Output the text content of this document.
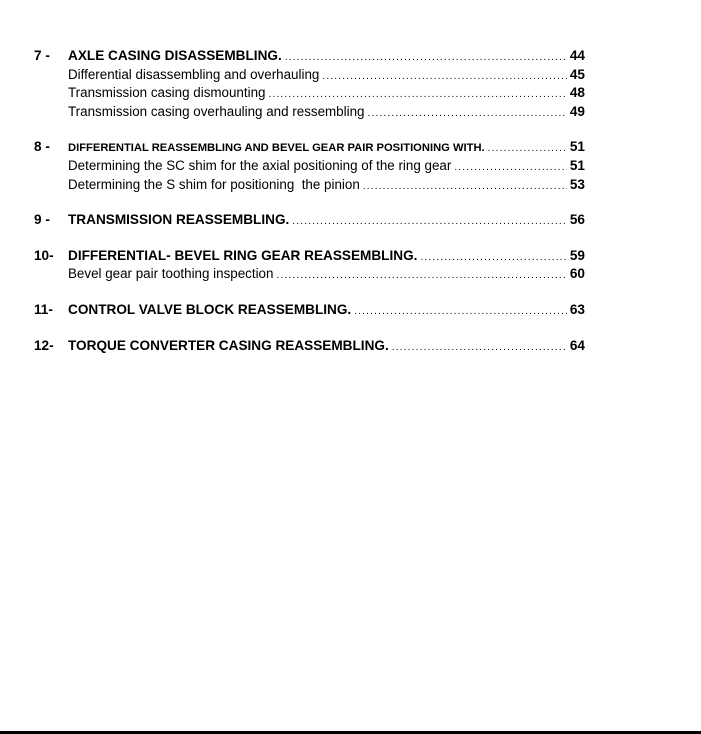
7 -	AXLE CASING DISASSEMBLING. .....	44
Differential disassembling and overhauling .....	45
Transmission casing dismounting .....	48
Transmission casing overhauling and ressembling .....	49
8 -	DIFFERENTIAL REASSEMBLING AND BEVEL GEAR PAIR POSITIONING WITH. .....	51
Determining the SC shim for the axial positioning of the ring gear .....	51
Determining the S shim for positioning  the pinion .....	53
9 -	TRANSMISSION REASSEMBLING. .....	56
10-	DIFFERENTIAL- BEVEL RING GEAR REASSEMBLING. .....	59
Bevel gear pair toothing inspection .....	60
11-	CONTROL VALVE BLOCK REASSEMBLING. .....	63
12-	TORQUE CONVERTER CASING REASSEMBLING. .....	64
